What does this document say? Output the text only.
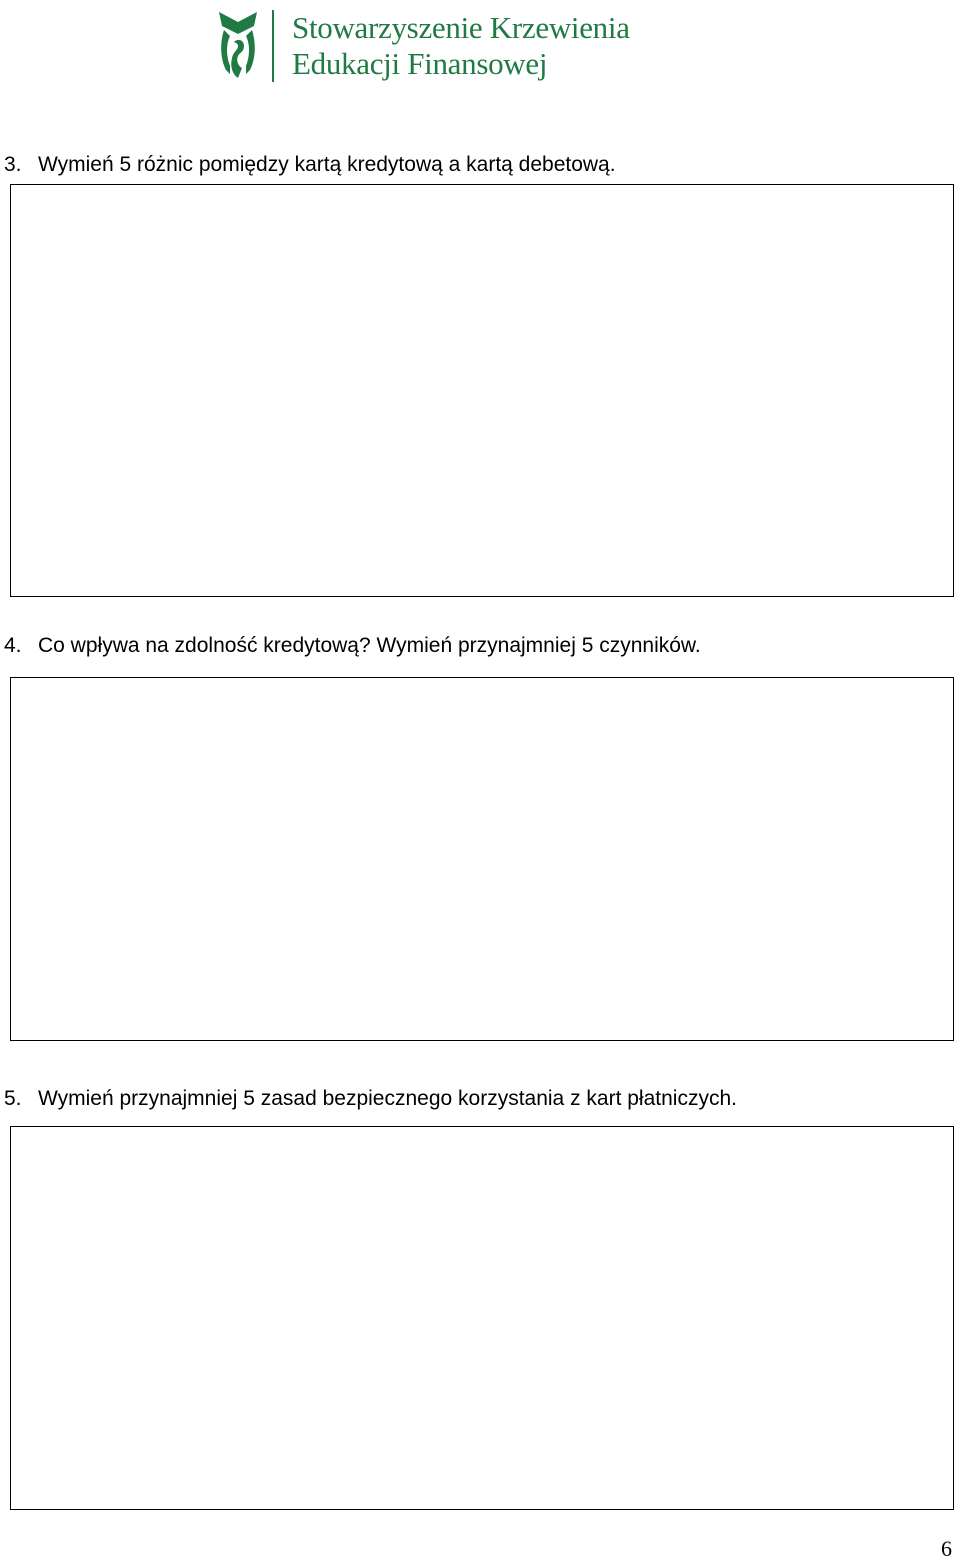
Stowarzyszenie Krzewienia
Edukacji Finansowej
3. Wymień 5 różnic pomiędzy kartą kredytową a kartą debetową.
4. Co wpływa na zdolność kredytową? Wymień przynajmniej 5 czynników.
5. Wymień przynajmniej 5 zasad bezpiecznego korzystania z kart płatniczych.
6
